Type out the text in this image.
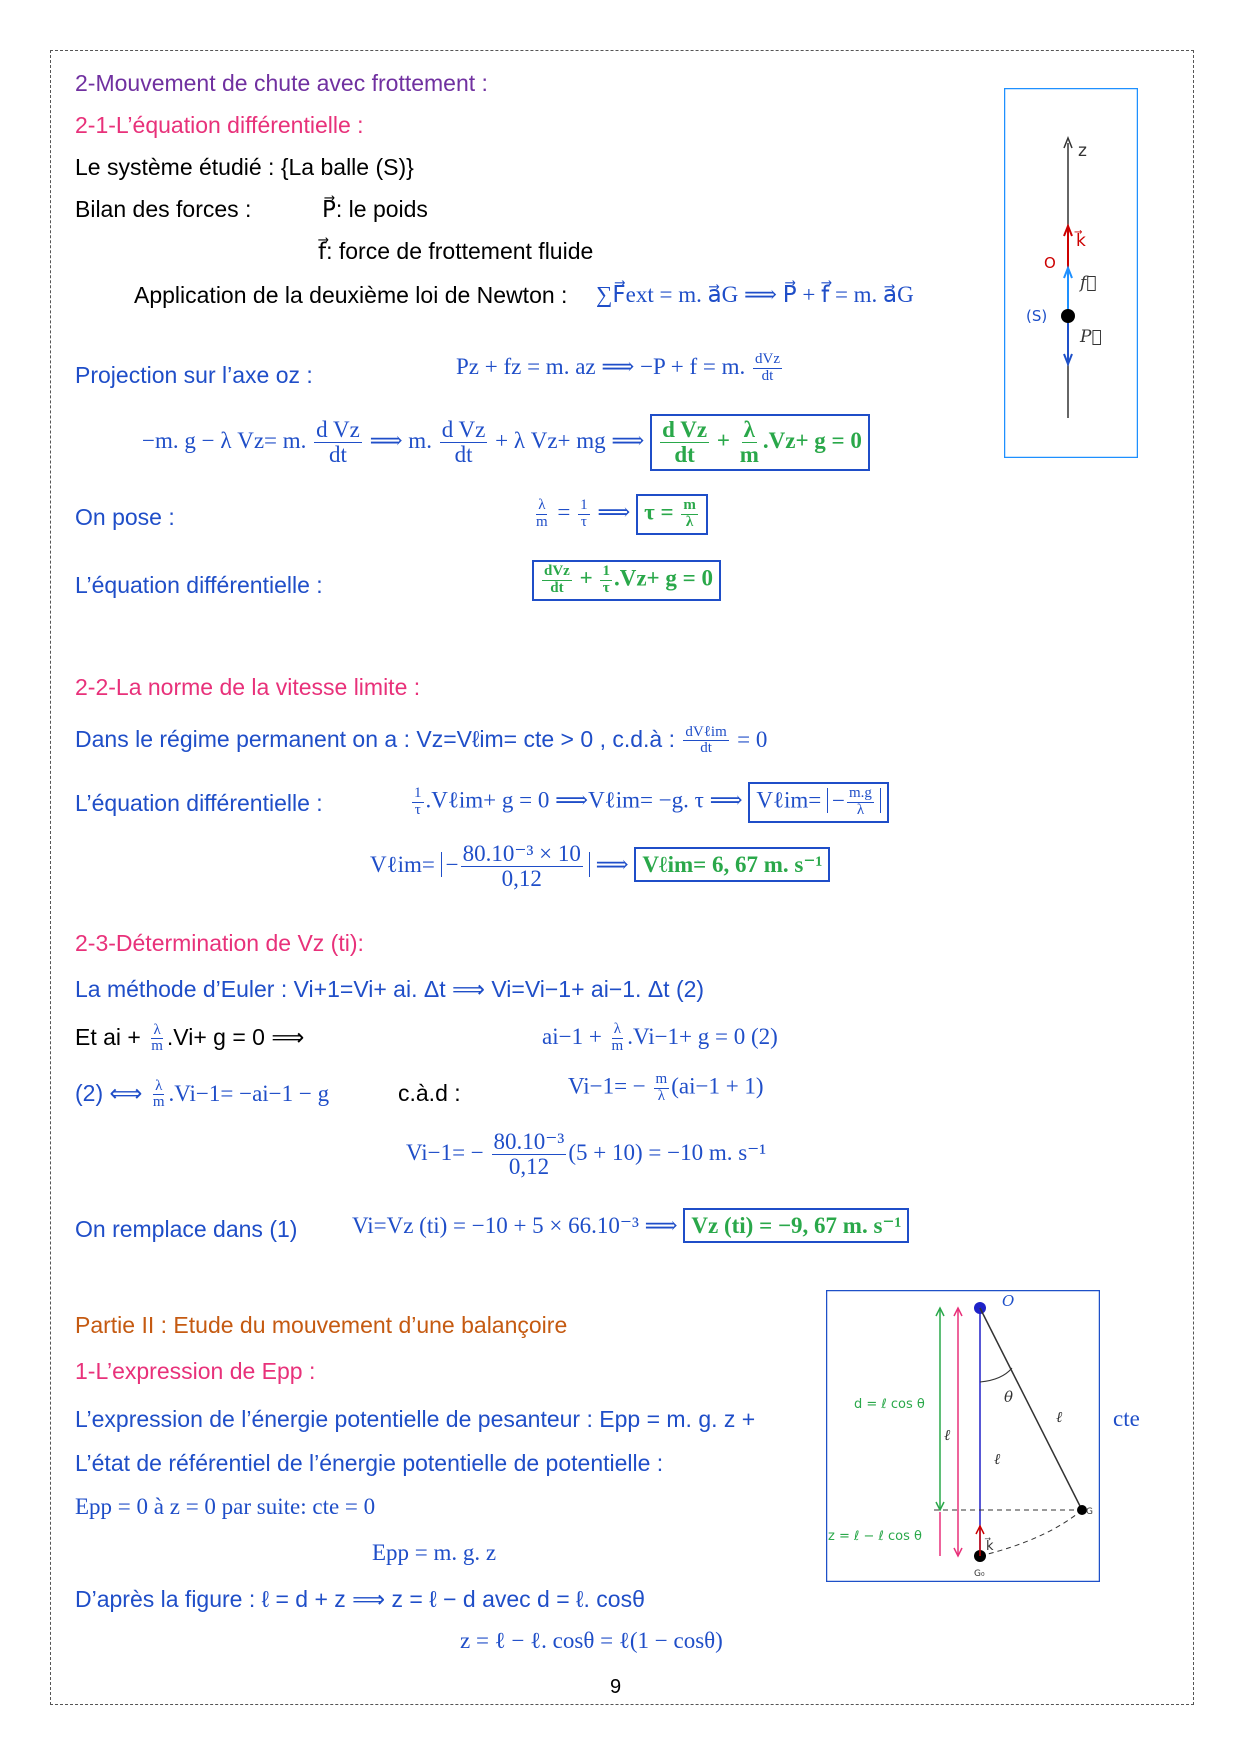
2-Mouvement de chute avec frottement :
2-1-L’équation différentielle :
Le système étudié : {La balle (S)}
Bilan des forces :	P⃗: le poids
f⃗: force de frottement fluide
Application de la deuxième loi de Newton : ∑F⃗ext = m. a⃗G ⟹ P⃗ + f⃗ = m. a⃗G
Projection sur l’axe oz :	Pz + fz = m. az ⟹ −P + f = m. $\frac{\text{dVz}}{dt}$
−m. g − λ Vz= m. $\frac{\text{d Vz}}{dt}$ ⟹ m. $\frac{\text{d Vz}}{dt} + \lambda$ Vz+ mg ⟹ $\frac{\text{d Vz}}{dt} + \frac{\lambda}{m} .Vz+ g = 0$
On pose :	$\frac{\lambda}{m} = \frac{1}{\tau}$ ⟹ $\tau = \frac{m}{\lambda}$
L’équation différentielle :	$\frac{\text{dVz}}{dt} + \frac{1}{\tau} .Vz+ g = 0$
2-2-La norme de la vitesse limite :
Dans le régime permanent on a : Vz=Vℓim= cte > 0 , c.d.à : $\frac{\text{dVℓim}}{dt} = 0$
L’équation différentielle :	$\frac{1}{\tau}$ .Vℓim+ g = 0 ⟹Vℓim= −g. τ ⟹ Vℓim= − $\frac{m.g}{\lambda}$
Vℓim= − $\frac{\text{80.10⁻³ × 10}}{0,12}$ ⟹ Vℓim= 6, 67 m. s⁻¹
2-3-Détermination de Vz (ti):
La méthode d’Euler : Vi+1=Vi+ ai. Δt ⟹ Vi=Vi−1+ ai−1. Δt (2)
Et ai + $\frac{\lambda}{m} .Vi+ g = 0$ ⟹	$ai-1 + \frac{\lambda}{m} .Vi-1+ g = 0$ (2)
(2) ⟺ $\frac{\lambda}{m} .Vi-1= -ai-1 - g$	c.à.d :	$Vi-1= - \frac{m}{\lambda} (ai-1 + 1)$
$Vi-1= - \frac{\text{80.10⁻³}}{0,12} (5 + 10) = -10$ m. s⁻¹
On remplace dans (1) Vi=Vz (ti) = −10 + 5 × 66.10⁻³ ⟹ Vz (ti) = −9, 67 m. s⁻¹
Partie II : Etude du mouvement d’une balançoire
1-L’expression de Epp :
L’expression de l’énergie potentielle de pesanteur : Epp = m. g. z +	cte
L’état de référentiel de l’énergie potentielle de potentielle :
Epp = 0 à z = 0 par suite: cte = 0
Epp = m. g. z
D’après la figure : ℓ = d + z ⟹ z = ℓ − d avec d = ℓ. cosθ
z = ℓ − ℓ. cosθ = ℓ(1 − cosθ)
z
k⃗
O
f⃗
(S)
P⃗
O
θ
ℓ
ℓ
G
G₀
ℓ
d = ℓ cos θ
z = ℓ − ℓ cos θ
k⃗
9
